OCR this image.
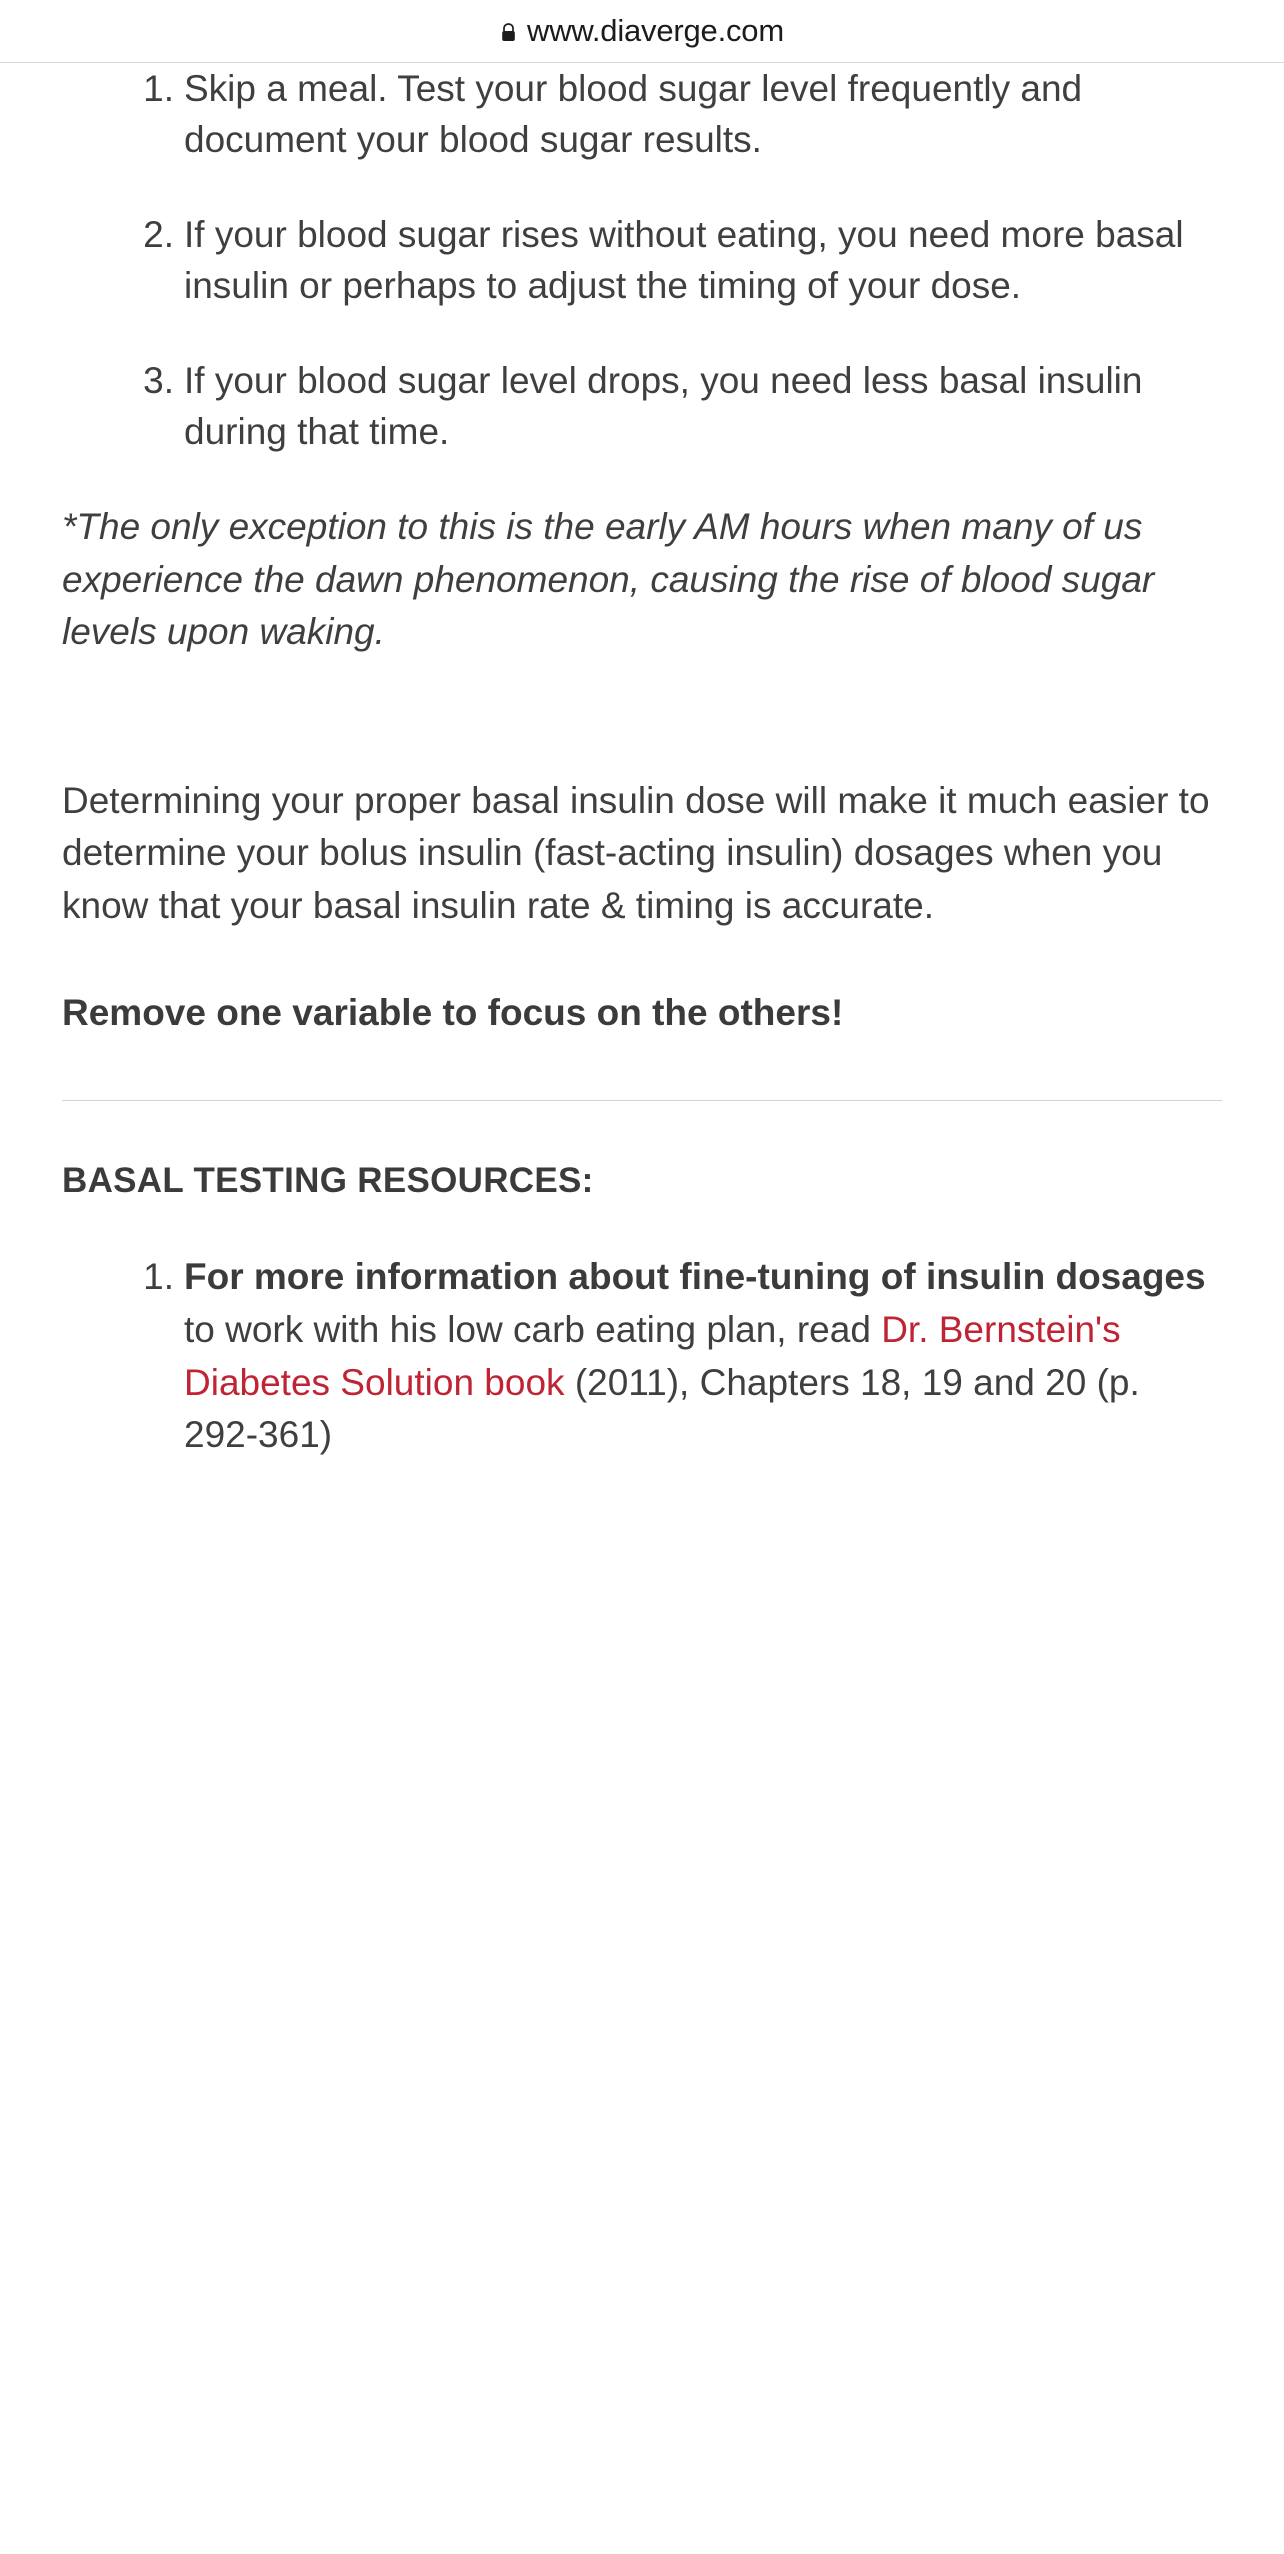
www.diaverge.com
1. Skip a meal. Test your blood sugar level frequently and document your blood sugar results.
2. If your blood sugar rises without eating, you need more basal insulin or perhaps to adjust the timing of your dose.
3. If your blood sugar level drops, you need less basal insulin during that time.

*The only exception to this is the early AM hours when many of us experience the dawn phenomenon, causing the rise of blood sugar levels upon waking.

Determining your proper basal insulin dose will make it much easier to determine your bolus insulin (fast-acting insulin) dosages when you know that your basal insulin rate & timing is accurate.

Remove one variable to focus on the others!

BASAL TESTING RESOURCES:

1. For more information about fine-tuning of insulin dosages to work with his low carb eating plan, read Dr. Bernstein's Diabetes Solution book (2011), Chapters 18, 19 and 20 (p. 292-361)
